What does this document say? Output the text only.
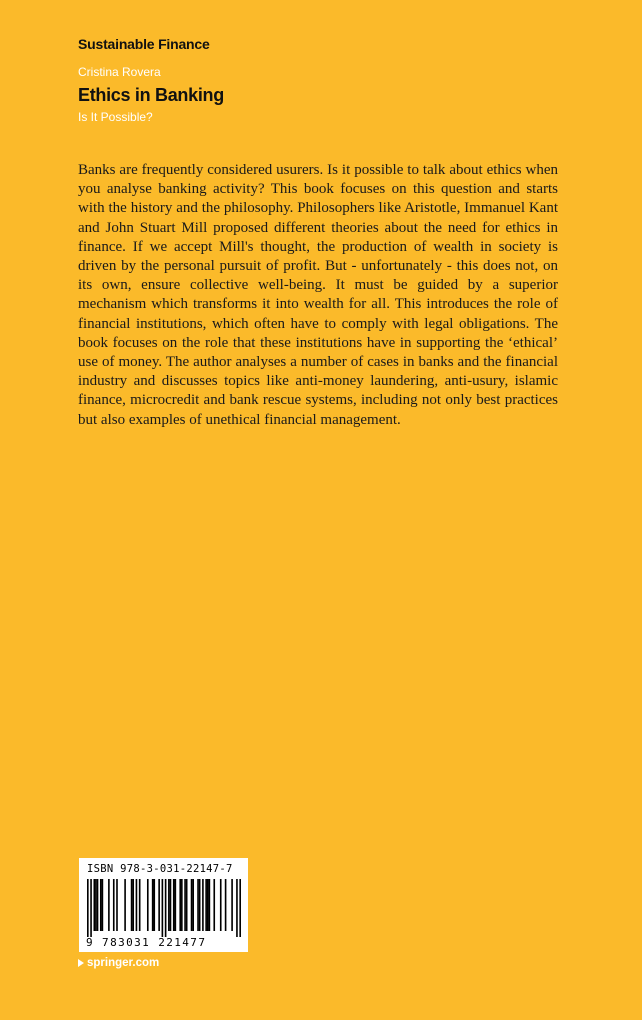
Sustainable Finance
Cristina Rovera
Ethics in Banking
Is It Possible?

Banks are frequently considered usurers. Is it possible to talk about ethics when you analyse banking activity? This book focuses on this question and starts with the history and the philosophy. Philosophers like Aristotle, Immanuel Kant and John Stuart Mill proposed different theories about the need for ethics in finance. If we accept Mill's thought, the production of wealth in society is driven by the personal pursuit of profit. But - unfortunately - this does not, on its own, ensure collective well-being. It must be guided by a superior mechanism which transforms it into wealth for all. This introduces the role of financial institutions, which often have to comply with legal obligations. The book focuses on the role that these institutions have in supporting the ‘ethical’ use of money. The author analyses a number of cases in banks and the financial industry and discusses topics like anti-money laundering, anti-usury, islamic finance, microcredit and bank rescue systems, including not only best practices but also examples of unethical financial management.

ISBN 978-3-031-22147-7
9 783031 221477
springer.com
